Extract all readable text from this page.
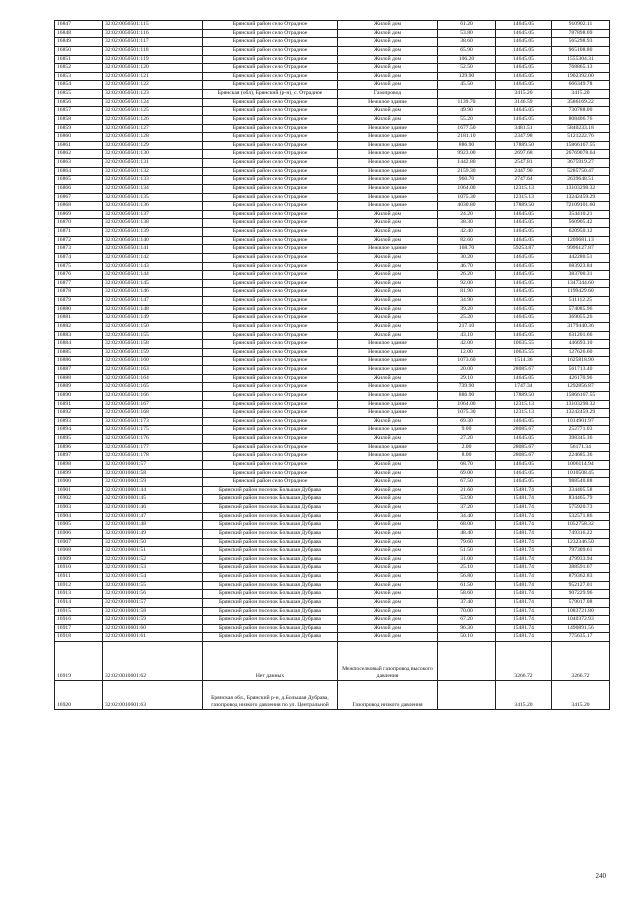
16847	32:02:0050501:115	Брянский район село Отрадное	Жилой дом	61.20	14645.05	910902.11
16848	32:02:0050501:116	Брянский район село Отрадное	Жилой дом	53.80	14645.05	787898.69
16849	32:02:0050501:117	Брянский район село Отрадное	Жилой дом	38.60	14645.05	565298.93
16850	32:02:0050501:118	Брянский район село Отрадное	Жилой дом	65.90	14645.05	965108.80
16851	32:02:0050501:119	Брянский район село Отрадное	Жилой дом	106.20	14645.05	1555304.31
16852	32:02:0050501:120	Брянский район село Отрадное	Жилой дом	52.50	14645.05	768865.13
16853	32:02:0050501:121	Брянский район село Отрадное	Жилой дом	129.90	14645.05	1902392.00
16854	32:02:0050501:122	Брянский район село Отрадное	Жилой дом	45.50	14645.05	666349.78
16855	32:02:0050501:123	Брянская (обл), Брянский (р-н), с. Отрадное	Газопровод		3415.20	3415.20
16856	32:02:0050501:124	Брянский район село Отрадное	Нежилое здание	1139.70	3146.59	3586169.22
16857	32:02:0050501:125	Брянский район село Отрадное	Жилой дом	49.90	14645.05	730788.00
16858	32:02:0050501:126	Брянский район село Отрадное	Жилой дом	55.20	14645.05	808406.76
16859	32:02:0050501:127	Брянский район село Отрадное	Нежилое здание	1677.50	3481.51	5840233.18
16860	32:02:0050501:128	Брянский район село Отрадное	Нежилое здание	2181.10	2347.98	5121222.76
16861	32:02:0050501:129	Брянский район село Отрадное	Нежилое здание	886.90	17889.50	15866167.55
16862	32:02:0050501:130	Брянский район село Отрадное	Нежилое здание	9923.00	2697.68	26769078.64
16863	32:02:0050501:131	Брянский район село Отрадное	Нежилое здание	1442.80	2547.81	3675919.27
16864	32:02:0050501:132	Брянский район село Отрадное	Нежилое здание	2159.30	2447.90	5285750.47
16865	32:02:0050501:133	Брянский район село Отрадное	Нежилое здание	960.70	2747.64	2639648.51
16866	32:02:0050501:134	Брянский район село Отрадное	Нежилое здание	1064.00	12315.13	13103298.32
16867	32:02:0050501:135	Брянский район село Отрадное	Нежилое здание	1075.30	12315.13	13242459.29
16868	32:02:0050501:136	Брянский район село Отрадное	Нежилое здание	4030.80	17889.50	72109101.60
16869	32:02:0050501:137	Брянский район село Отрадное	Жилой дом	24.20	14645.05	354410.21
16870	32:02:0050501:138	Брянский район село Отрадное	Жилой дом	38.30	14645.05	560905.42
16871	32:02:0050501:139	Брянский район село Отрадное	Жилой дом	42.40	14645.05	620950.12
16872	32:02:0050501:140	Брянский район село Отрадное	Жилой дом	82.60	14645.05	1209681.13
16873	32:02:0050501:141	Брянский район село Отрадное	Нежилое здание	168.70	59253.87	9996127.87
16874	32:02:0050501:142	Брянский район село Отрадное	Жилой дом	30.20	14645.05	442280.51
16875	32:02:0050501:143	Брянский район село Отрадное	Жилой дом	46.70	14645.05	683923.84
16876	32:02:0050501:144	Брянский район село Отрадное	Жилой дом	26.20	14645.05	383700.31
16877	32:02:0050501:145	Брянский район село Отрадное	Жилой дом	92.00	14645.05	1347344.60
16878	32:02:0050501:146	Брянский район село Отрадное	Жилой дом	81.90	14645.05	1199429.60
16879	32:02:0050501:147	Брянский район село Отрадное	Жилой дом	34.90	14645.05	511112.25
16880	32:02:0050501:148	Брянский район село Отрадное	Жилой дом	39.20	14645.05	574085.96
16881	32:02:0050501:149	Брянский район село Отрадное	Жилой дом	25.20	14645.05	369055.26
16882	32:02:0050501:150	Брянский район село Отрадное	Жилой дом	217.10	14645.05	3179440.36
16883	32:02:0050501:155	Брянский район село Отрадное	Жилой дом	43.10	14645.05	631201.66
16884	32:02:0050501:158	Брянский район село Отрадное	Нежилое здание	42.00	10635.55	446693.10
16885	32:02:0050501:159	Брянский район село Отрадное	Нежилое здание	12.00	10635.55	127626.60
16886	32:02:0050501:160	Брянский район село Отрадное	Нежилое здание	1073.60	1514.36	1625818.90
16887	32:02:0050501:163	Брянский район село Отрадное	Нежилое здание	20.00	28085.67	561713.40
16888	32:02:0050501:164	Брянский район село Отрадное	Жилой дом	29.10	14645.05	426170.96
16889	32:02:0050501:165	Брянский район село Отрадное	Нежилое здание	739.90	1747.34	1292856.87
16890	32:02:0050501:166	Брянский район село Отрадное	Нежилое здание	886.90	17889.50	15866167.55
16891	32:02:0050501:167	Брянский район село Отрадное	Нежилое здание	1064.00	12315.13	13103298.32
16892	32:02:0050501:168	Брянский район село Отрадное	Нежилое здание	1075.30	12315.13	13242459.29
16893	32:02:0050501:173	Брянский район село Отрадное	Жилой дом	69.30	14645.05	1014901.97
16894	32:02:0050501:175	Брянский район село Отрадное	Нежилое здание	9.00	28085.67	252771.03
16895	32:02:0050501:176	Брянский район село Отрадное	Жилой дом	27.20	14645.05	398345.36
16896	32:02:0050501:177	Брянский район село Отрадное	Нежилое здание	2.00	28085.67	56171.34
16897	32:02:0050501:178	Брянский район село Отрадное	Нежилое здание	8.00	28085.67	224685.36
16898	32:02:0010601:57	Брянский район село Отрадное	Жилой дом	68.70	14645.05	1006114.94
16899	32:02:0010601:58	Брянский район село Отрадное	Жилой дом	69.00	14645.05	1010508.45
16900	32:02:0010601:59	Брянский район село Отрадное	Жилой дом	67.50	14645.05	988540.88
16901	32:02:0010601:44	Брянский район поселок Большая Дубрава	Жилой дом	21.60	15481.74	334405.58
16902	32:02:0010601:45	Брянский район поселок Большая Дубрава	Жилой дом	53.90	15481.74	834465.79
16903	32:02:0010601:46	Брянский район поселок Большая Дубрава	Жилой дом	37.20	15481.74	575920.73
16904	32:02:0010601:47	Брянский район поселок Большая Дубрава	Жилой дом	34.40	15481.74	532571.86
16905	32:02:0010601:48	Брянский район поселок Большая Дубрава	Жилой дом	68.00	15481.74	1052758.32
16906	32:02:0010601:49	Брянский район поселок Большая Дубрава	Жилой дом	48.40	15481.74	749316.22
16907	32:02:0010601:50	Брянский район поселок Большая Дубрава	Жилой дом	79.60	15481.74	1232346.50
16908	32:02:0010601:51	Брянский район поселок Большая Дубрава	Жилой дом	51.50	15481.74	797309.61
16909	32:02:0010601:52	Брянский район поселок Большая Дубрава	Жилой дом	31.00	15481.74	479933.94
16910	32:02:0010601:53	Брянский район поселок Большая Дубрава	Жилой дом	25.10	15481.74	388591.67
16911	32:02:0010601:54	Брянский район поселок Большая Дубрава	Жилой дом	56.80	15481.74	879362.83
16912	32:02:0010601:55	Брянский район поселок Большая Дубрава	Жилой дом	61.50	15481.74	952127.01
16913	32:02:0010601:56	Брянский район поселок Большая Дубрава	Жилой дом	58.60	15481.74	907229.96
16914	32:02:0010601:57	Брянский район поселок Большая Дубрава	Жилой дом	37.40	15481.74	579017.08
16915	32:02:0010601:58	Брянский район поселок Большая Дубрава	Жилой дом	70.00	15481.74	1083721.80
16916	32:02:0010601:59	Брянский район поселок Большая Дубрава	Жилой дом	67.20	15481.74	1040372.93
16917	32:02:0010601:60	Брянский район поселок Большая Дубрава	Жилой дом	96.30	15481.74	1490891.56
16918	32:02:0010601:61	Брянский район поселок Большая Дубрава	Жилой дом	50.10	15481.74	775635.17
16919	32:02:0010601:62	Нет данных	Межпоселковый газопровод высокого давления		3266.72	3266.72
16920	32:02:0010601:63	Брянская обл., Брянский р-н, д.Большая Дубрава, газопровод низкого давления по ул. Центральной	Газопровод низкого давления		3415.20	3415.20
240
